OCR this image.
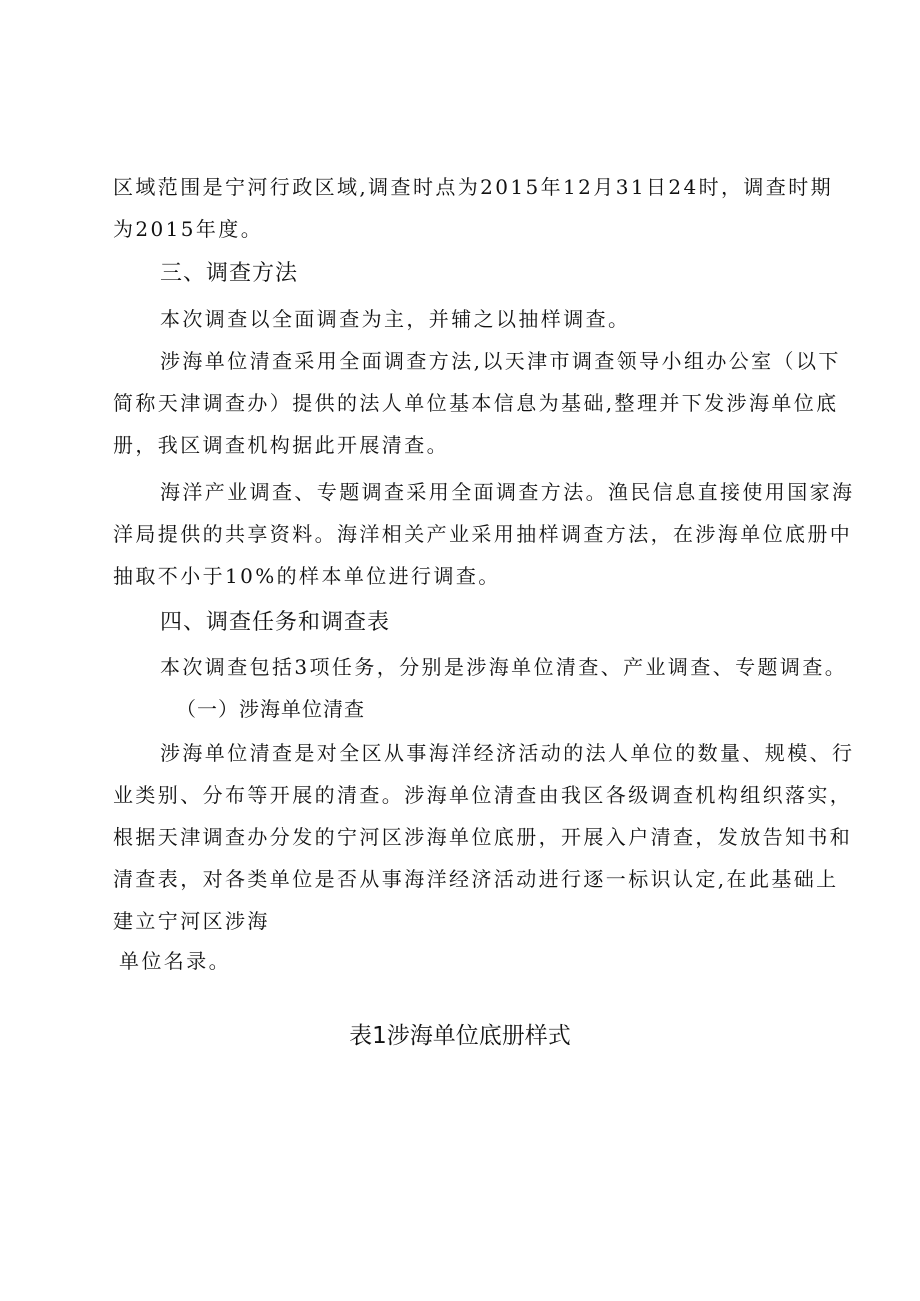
区域范围是宁河行政区域,调查时点为2015年12月31日24时，调查时期
为2015年度。
三、调查方法
本次调查以全面调查为主，并辅之以抽样调查。
涉海单位清查采用全面调查方法,以天津市调查领导小组办公室（以下
简称天津调查办）提供的法人单位基本信息为基础,整理并下发涉海单位底
册，我区调查机构据此开展清查。
海洋产业调查、专题调查采用全面调查方法。渔民信息直接使用国家海
洋局提供的共享资料。海洋相关产业采用抽样调查方法，在涉海单位底册中
抽取不小于10%的样本单位进行调查。
四、调查任务和调查表
本次调查包括3项任务，分别是涉海单位清查、产业调查、专题调查。
（一）涉海单位清查
涉海单位清查是对全区从事海洋经济活动的法人单位的数量、规模、行
业类别、分布等开展的清查。涉海单位清查由我区各级调查机构组织落实，
根据天津调查办分发的宁河区涉海单位底册，开展入户清查，发放告知书和
清查表，对各类单位是否从事海洋经济活动进行逐一标识认定,在此基础上
建立宁河区涉海
单位名录。
表1涉海单位底册样式
